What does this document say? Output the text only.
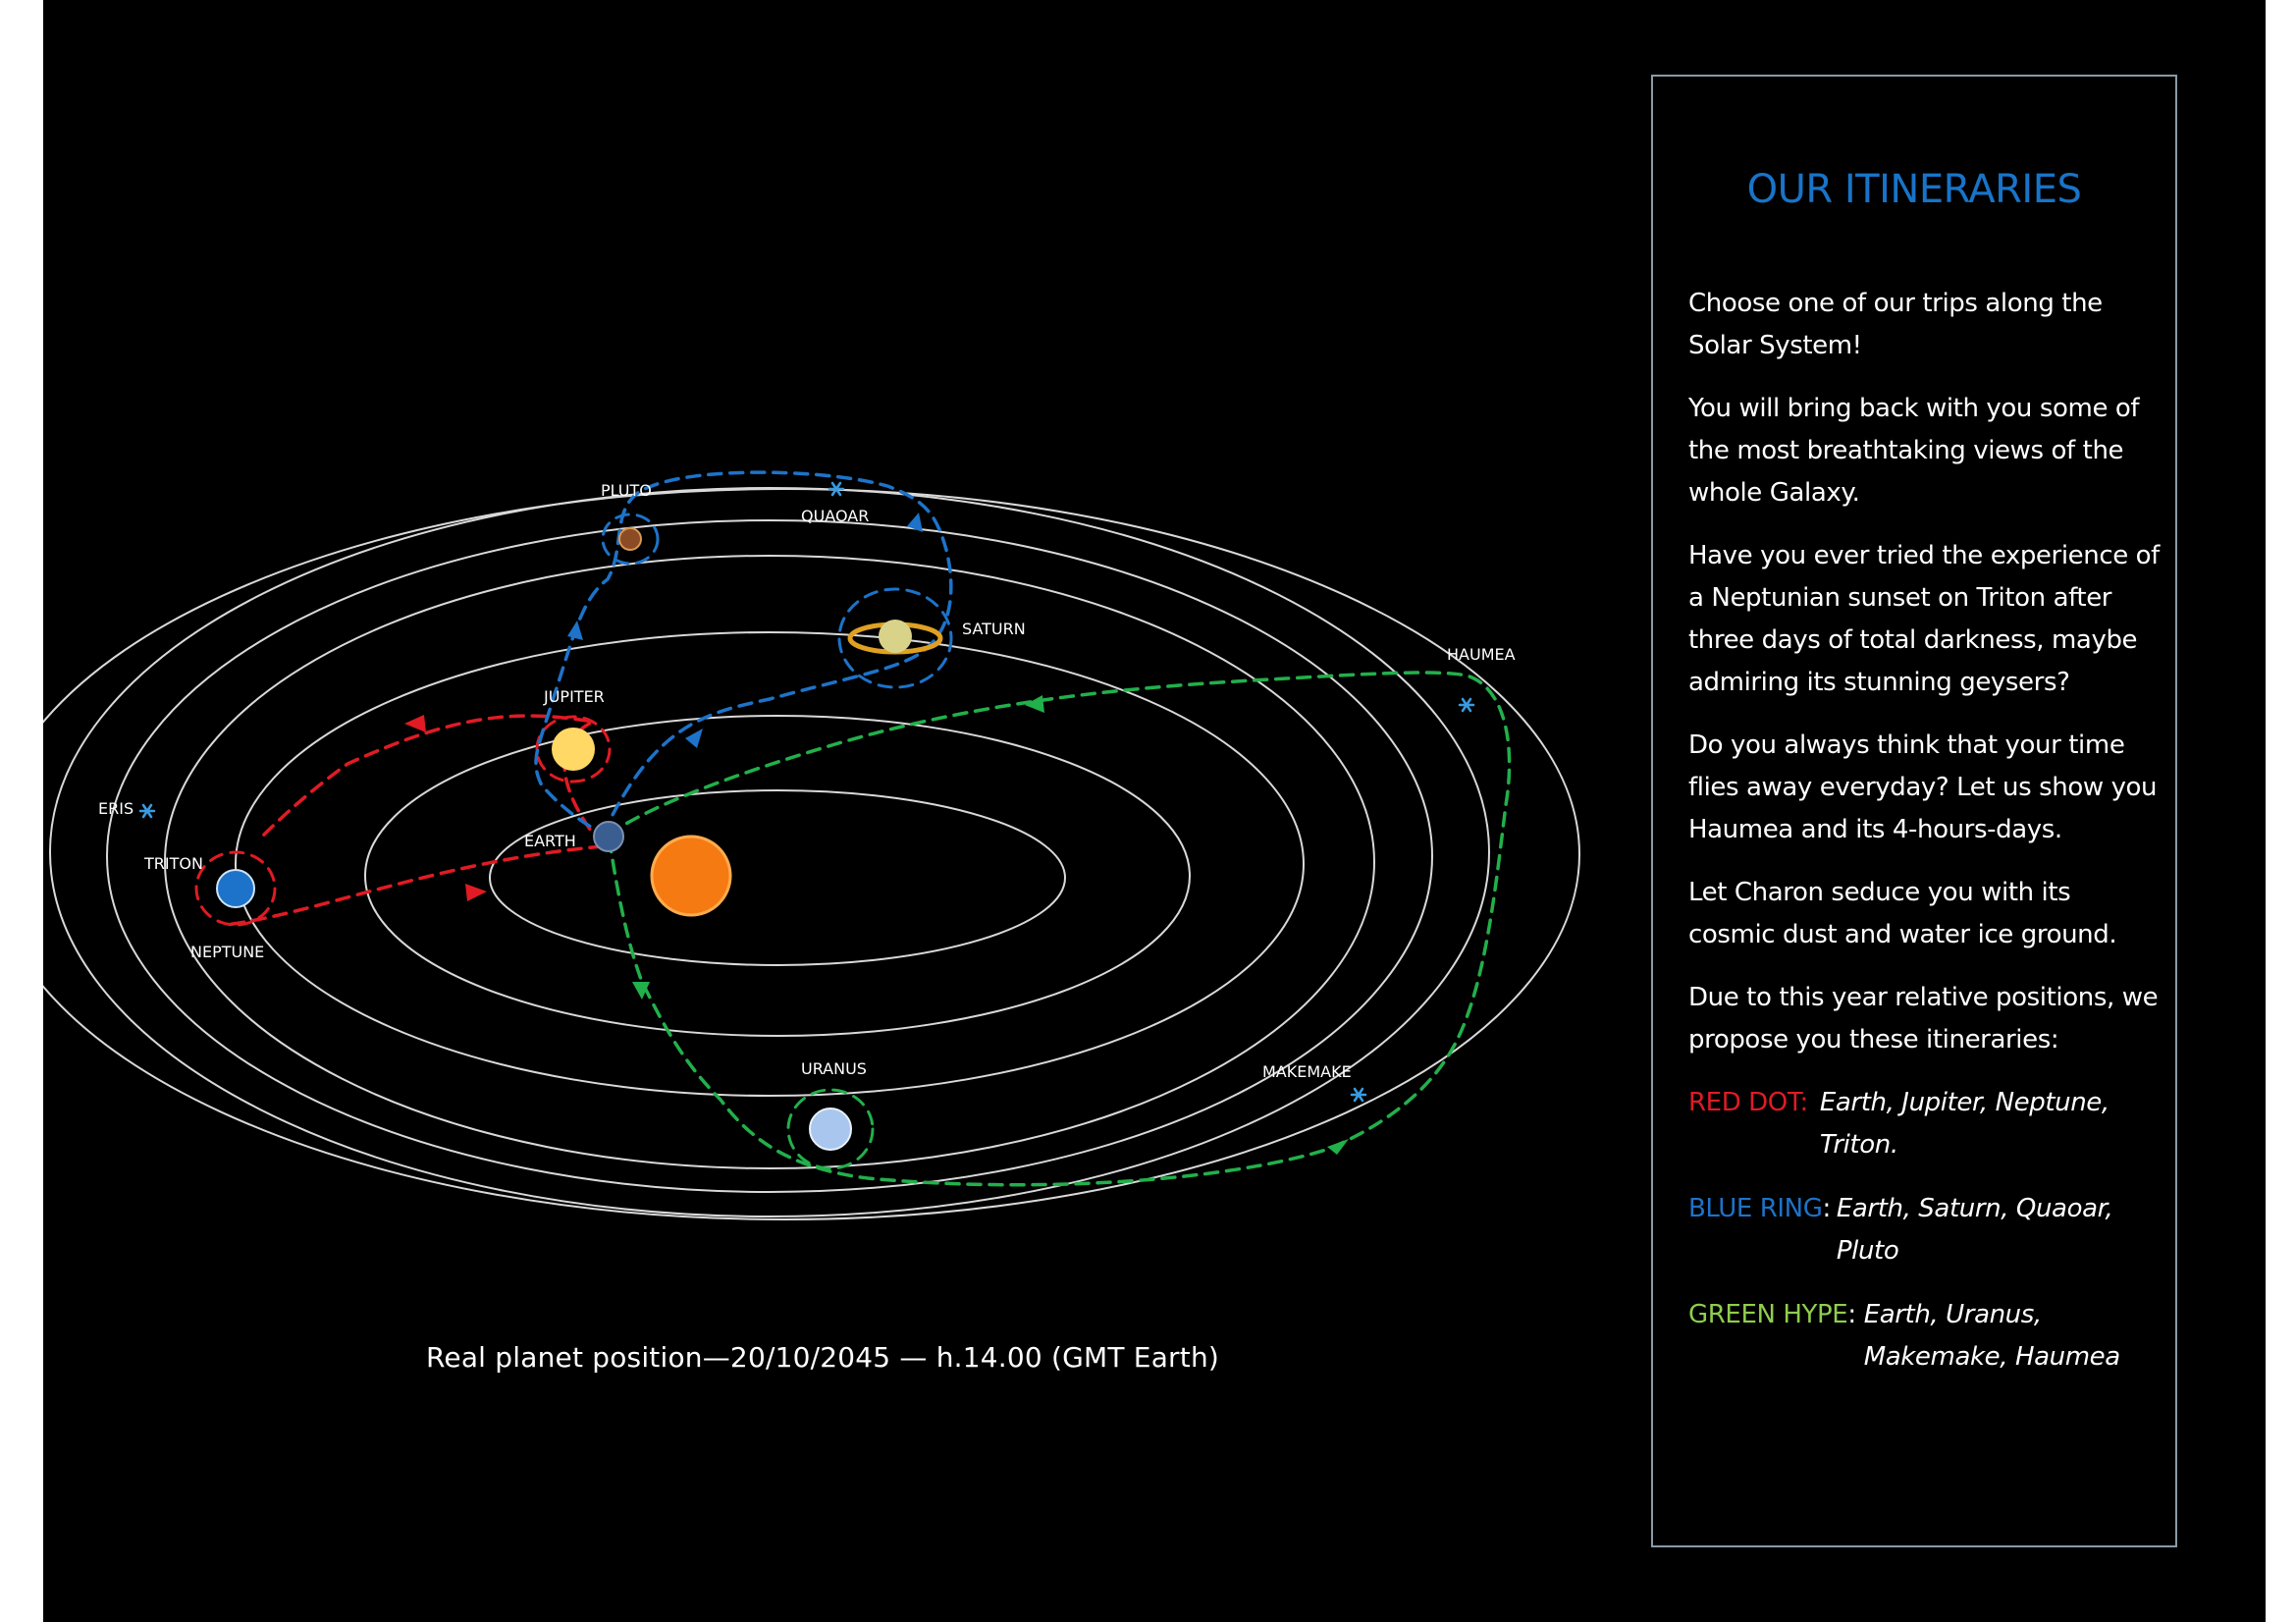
PLUTO
QUAOAR
SATURN
HAUMEA
JUPITER
ERIS
EARTH
TRITON
NEPTUNE
URANUS	MAKEMAKE
Real planet position—20/10/2045 — h.14.00 (GMT Earth)
OUR ITINERARIES

Choose one of our trips along the Solar System!

You will bring back with you some of the most breathtaking views of the whole Galaxy.

Have you ever tried the experience of a Neptunian sunset on Triton after three days of total darkness, maybe admiring its stunning geysers?

Do you always think that your time flies away everyday? Let us show you Haumea and its 4-hours-days.

Let Charon seduce you with its cosmic dust and water ice ground.

Due to this year relative positions, we propose you these itineraries:

RED DOT: Earth, Jupiter, Neptune, Triton.
BLUE RING: Earth, Saturn, Quaoar, Pluto
GREEN HYPE: Earth, Uranus, Makemake, Haumea
